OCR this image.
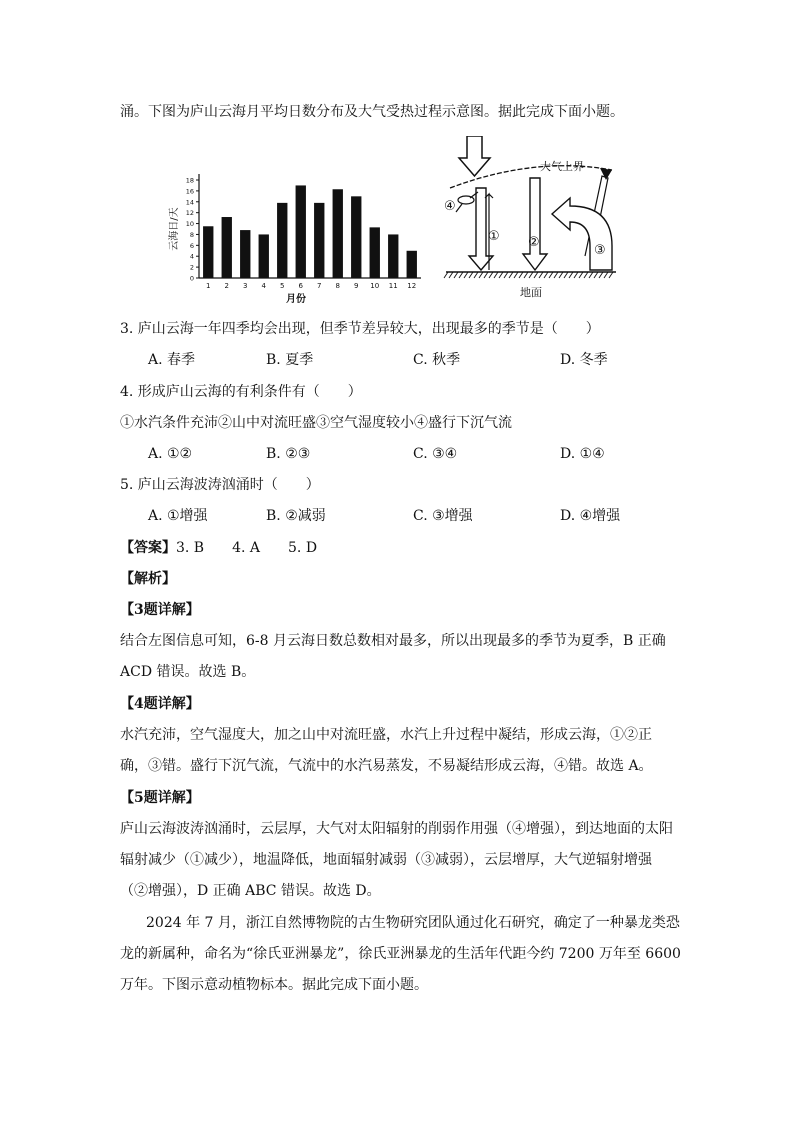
涌。下图为庐山云海月平均日数分布及大气受热过程示意图。据此完成下面小题。
0
2
4
6
8
10
12
14
16
18
1 2 3 4 5 6 7 8 9 10 11 12
月份
云海日/天
大气上界
①
④
②
③
地面
3. 庐山云海一年四季均会出现，但季节差异较大，出现最多的季节是（　　）
A. 春季	B. 夏季	C. 秋季	D. 冬季
4. 形成庐山云海的有利条件有（　　）
①水汽条件充沛②山中对流旺盛③空气湿度较小④盛行下沉气流
A. ①②	B. ②③	C. ③④	D. ①④
5. 庐山云海波涛汹涌时（　　）
A. ①增强	B. ②减弱	C. ③增强	D. ④增强
【答案】3. B　　4. A　　5. D
【解析】
【3题详解】
结合左图信息可知，6-8 月云海日数总数相对最多，所以出现最多的季节为夏季，B 正确
ACD 错误。故选 B。
【4题详解】
水汽充沛，空气湿度大，加之山中对流旺盛，水汽上升过程中凝结，形成云海，①②正
确，③错。盛行下沉气流，气流中的水汽易蒸发，不易凝结形成云海，④错。故选 A。
【5题详解】
庐山云海波涛汹涌时，云层厚，大气对太阳辐射的削弱作用强（④增强），到达地面的太阳
辐射减少（①减少），地温降低，地面辐射减弱（③减弱），云层增厚，大气逆辐射增强
（②增强），D 正确 ABC 错误。故选 D。
2024 年 7 月，浙江自然博物院的古生物研究团队通过化石研究，确定了一种暴龙类恐
龙的新属种，命名为“徐氏亚洲暴龙”，徐氏亚洲暴龙的生活年代距今约 7200 万年至 6600
万年。下图示意动植物标本。据此完成下面小题。
